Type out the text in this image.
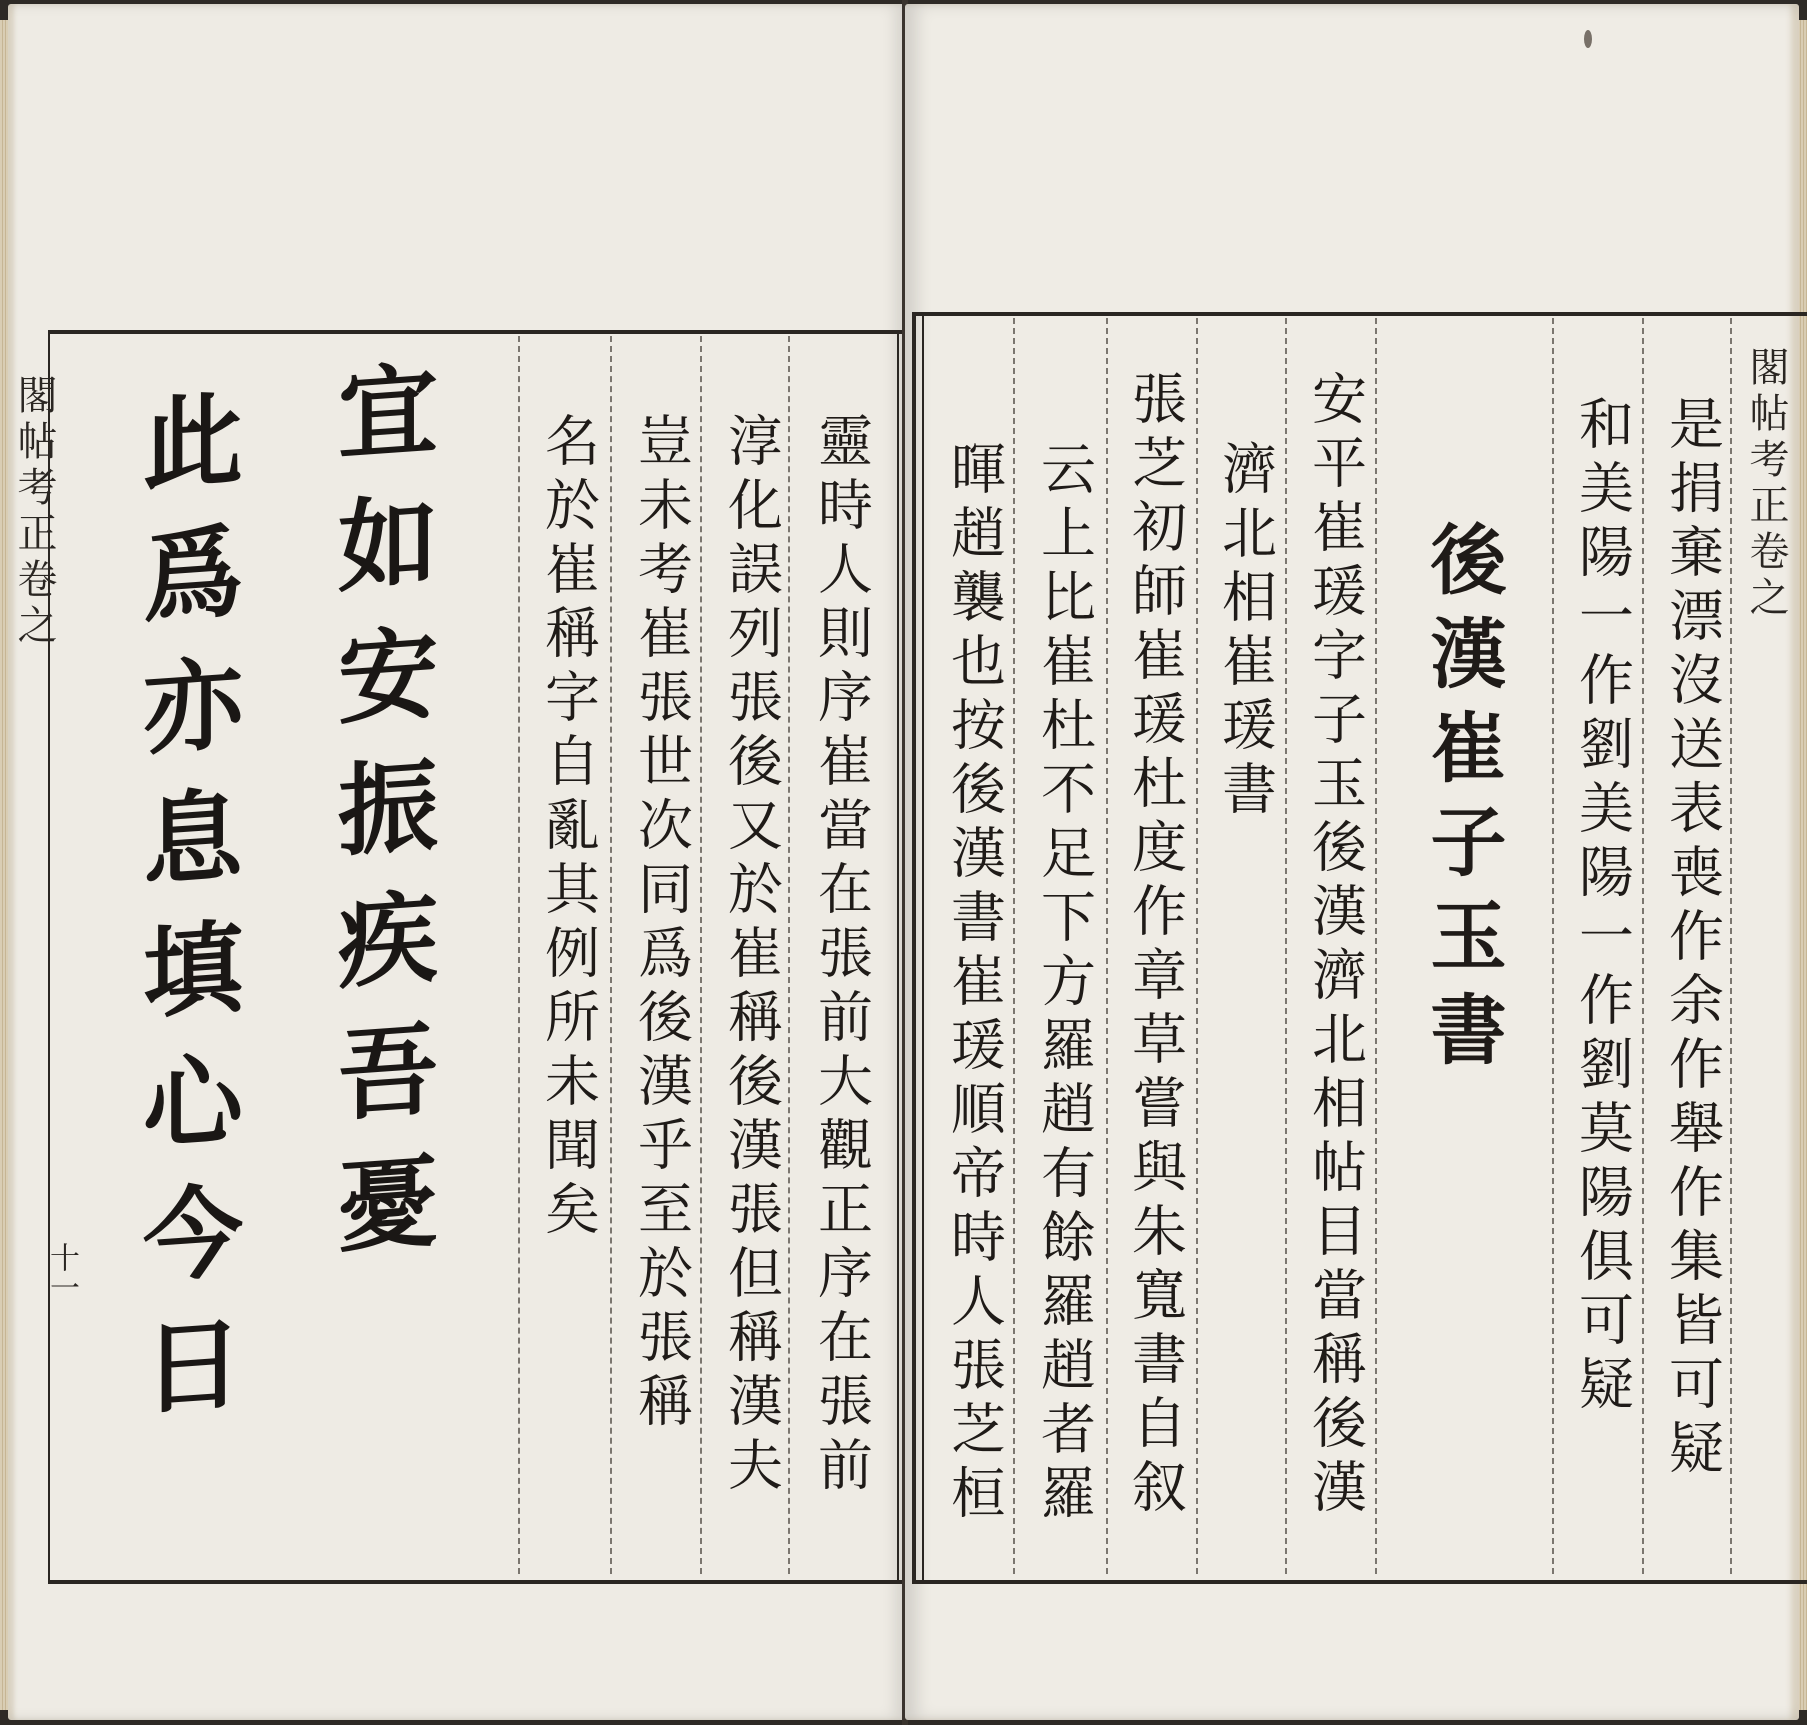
閣帖考正卷之
十一 宜如安振疾吾憂
此爲亦息填心今日	靈時人則序崔當在張前大觀正序在張前
淳化誤列張後又於崔稱後漢張但稱漢夫
豈未考崔張世次同爲後漢乎至於張稱
名於崔稱字自亂其例所未聞矣	閣帖考正卷之
是捐棄漂沒送表喪作余作舉作集皆可疑
和美陽一作劉美陽一作劉莫陽俱可疑
後漢崔子玉書
安平崔瑗字子玉後漢濟北相帖目當稱後漢
濟北相崔瑗書
張芝初師崔瑗杜度作章草嘗與朱寬書自叙
云上比崔杜不足下方羅趙有餘羅趙者羅
暉趙襲也按後漢書崔瑗順帝時人張芝桓
